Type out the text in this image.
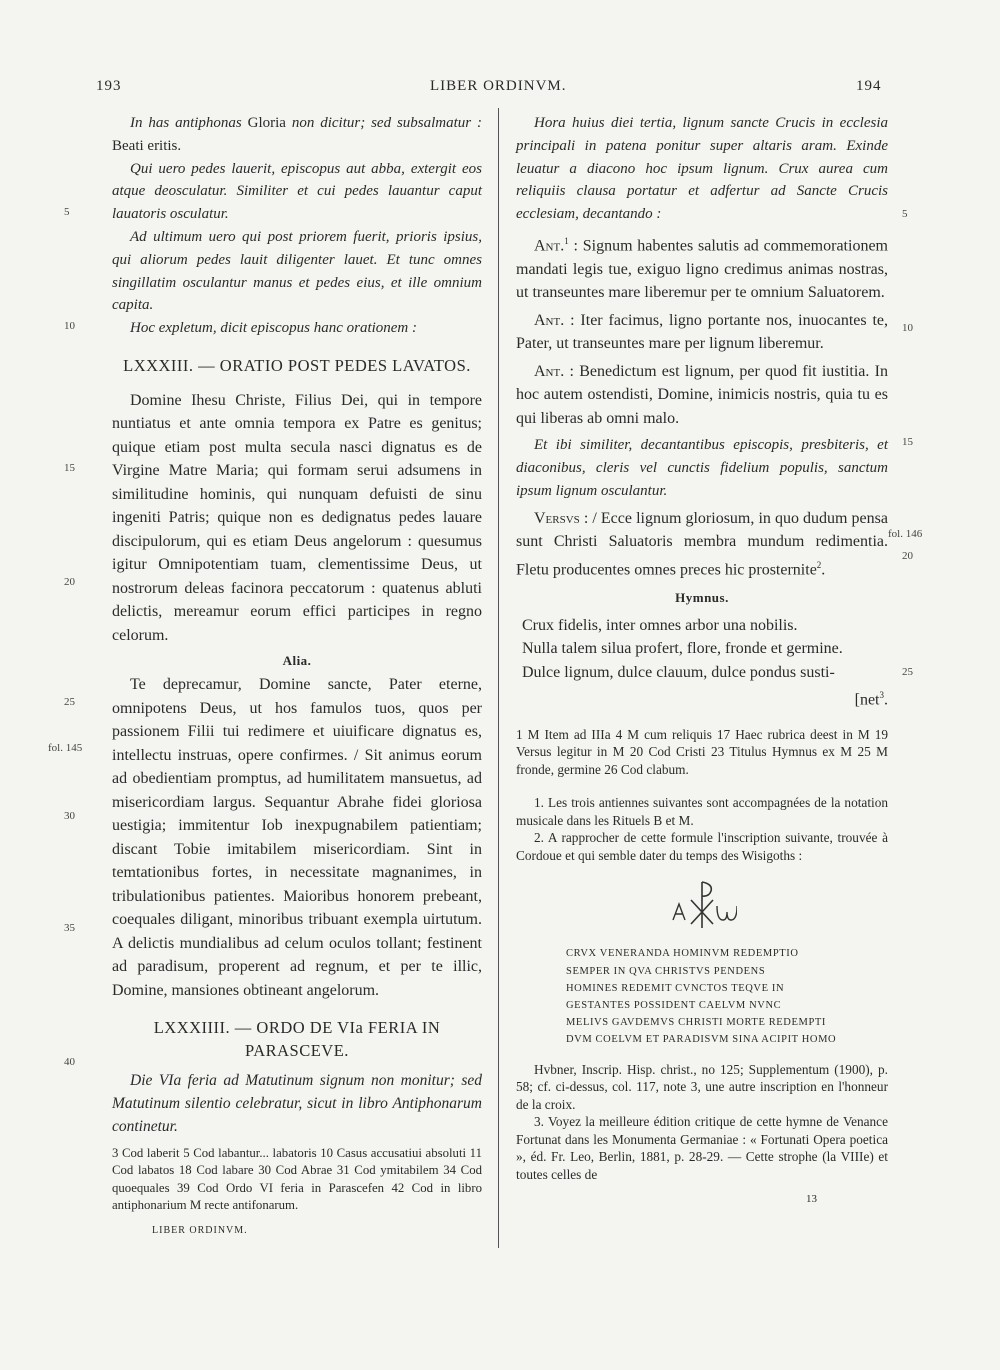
193	LIBER ORDINVM.	194
5
10
15
20
25
fol. 145
30
35
40
5
10
15
fol. 146
20
25

In has antiphonas Gloria non dicitur; sed subsalmatur : Beati eritis.

Qui uero pedes lauerit, episcopus aut abba, extergit eos atque deosculatur. Similiter et cui pedes lauantur caput lauatoris osculatur.

Ad ultimum uero qui post priorem fuerit, prioris ipsius, qui aliorum pedes lauit diligenter lauet. Et tunc omnes singillatim osculantur manus et pedes eius, et ille omnium capita.

Hoc expletum, dicit episcopus hanc orationem :

LXXXIII. — ORATIO POST PEDES LAVATOS.

Domine Ihesu Christe, Filius Dei, qui in tempore nuntiatus et ante omnia tempora ex Patre es genitus; quique etiam post multa secula nasci dignatus es de Virgine Matre Maria; qui formam serui adsumens in similitudine hominis, qui nunquam defuisti de sinu ingeniti Patris; quique non es dedignatus pedes lauare discipulorum, qui es etiam Deus angelorum : quesumus igitur Omnipotentiam tuam, clementissime Deus, ut nostrorum deleas facinora peccatorum : quatenus abluti delictis, mereamur eorum effici participes in regno celorum.

Alia.

Te deprecamur, Domine sancte, Pater eterne, omnipotens Deus, ut hos famulos tuos, quos per passionem Filii tui redimere et uiuificare dignatus es, intellectu instruas, opere confirmes. / Sit animus eorum ad obedientiam promptus, ad humilitatem mansuetus, ad misericordiam largus. Sequantur Abrahe fidei gloriosa uestigia; immitentur Iob inexpugnabilem patientiam; discant Tobie imitabilem misericordiam. Sint in temtationibus fortes, in necessitate magnanimes, in tribulationibus patientes. Maioribus honorem prebeant, coequales diligant, minoribus tribuant exempla uirtutum. A delictis mundialibus ad celum oculos tollant; festinent ad paradisum, properent ad regnum, et per te illic, Domine, mansiones obtineant angelorum.

LXXXIIII. — ORDO DE VIa FERIA IN PARASCEVE.

Die VIa feria ad Matutinum signum non monitur; sed Matutinum silentio celebratur, sicut in libro Antiphonarum continetur.

3 Cod laberit 5 Cod labantur... labatoris 10 Casus accusatiui absoluti 11 Cod labatos 18 Cod labare 30 Cod Abrae 31 Cod ymitabilem 34 Cod quoequales 39 Cod Ordo VI feria in Parascefen 42 Cod in libro antiphonarium M recte antifonarum.

LIBER ORDINVM.

Hora huius diei tertia, lignum sancte Crucis in ecclesia principali in patena ponitur super altaris aram. Exinde leuatur a diacono hoc ipsum lignum. Crux aurea cum reliquiis clausa portatur et adfertur ad Sancte Crucis ecclesiam, decantando :

Ant.$^1$ : Signum habentes salutis ad commemorationem mandati legis tue, exiguo ligno credimus animas nostras, ut transeuntes mare liberemur per te omnium Saluatorem.

Ant. : Iter facimus, ligno portante nos, inuocantes te, Pater, ut transeuntes mare per lignum liberemur.

Ant. : Benedictum est lignum, per quod fit iustitia. In hoc autem ostendisti, Domine, inimicis nostris, quia tu es qui liberas ab omni malo.

Et ibi similiter, decantantibus episcopis, presbiteris, et diaconibus, cleris vel cunctis fidelium populis, sanctum ipsum lignum osculantur.

Versvs : / Ecce lignum gloriosum, in quo dudum pensa sunt Christi Saluatoris membra mundum redimentia. Fletu producentes omnes preces hic prosternite$^2$.

Hymnus.

Crux fidelis, inter omnes arbor una nobilis.
Nulla talem silua profert, flore, fronde et germine.
Dulce lignum, dulce clauum, dulce pondus susti-
[net$^3$.

1 M Item ad IIIa 4 M cum reliquis 17 Haec rubrica deest in M 19 Versus legitur in M 20 Cod Cristi 23 Titulus Hymnus ex M 25 M fronde, germine 26 Cod clabum.

1. Les trois antiennes suivantes sont accompagnées de la notation musicale dans les Rituels B et M.

2. A rapprocher de cette formule l'inscription suivante, trouvée à Cordoue et qui semble dater du temps des Wisigoths :

CRVX VENERANDA HOMINVM REDEMPTIO
SEMPER IN QVA CHRISTVS PENDENS
HOMINES REDEMIT CVNCTOS TEQVE IN
GESTANTES POSSIDENT CAELVM NVNC
MELIVS GAVDEMVS CHRISTI MORTE REDEMPTI
DVM COELVM ET PARADISVM SINA ACIPIT HOMO

Hvbner, Inscrip. Hisp. christ., no 125; Supplementum (1900), p. 58; cf. ci-dessus, col. 117, note 3, une autre inscription en l'honneur de la croix.

3. Voyez la meilleure édition critique de cette hymne de Venance Fortunat dans les Monumenta Germaniae : « Fortunati Opera poetica », éd. Fr. Leo, Berlin, 1881, p. 28-29. — Cette strophe (la VIIIe) et toutes celles de

13
